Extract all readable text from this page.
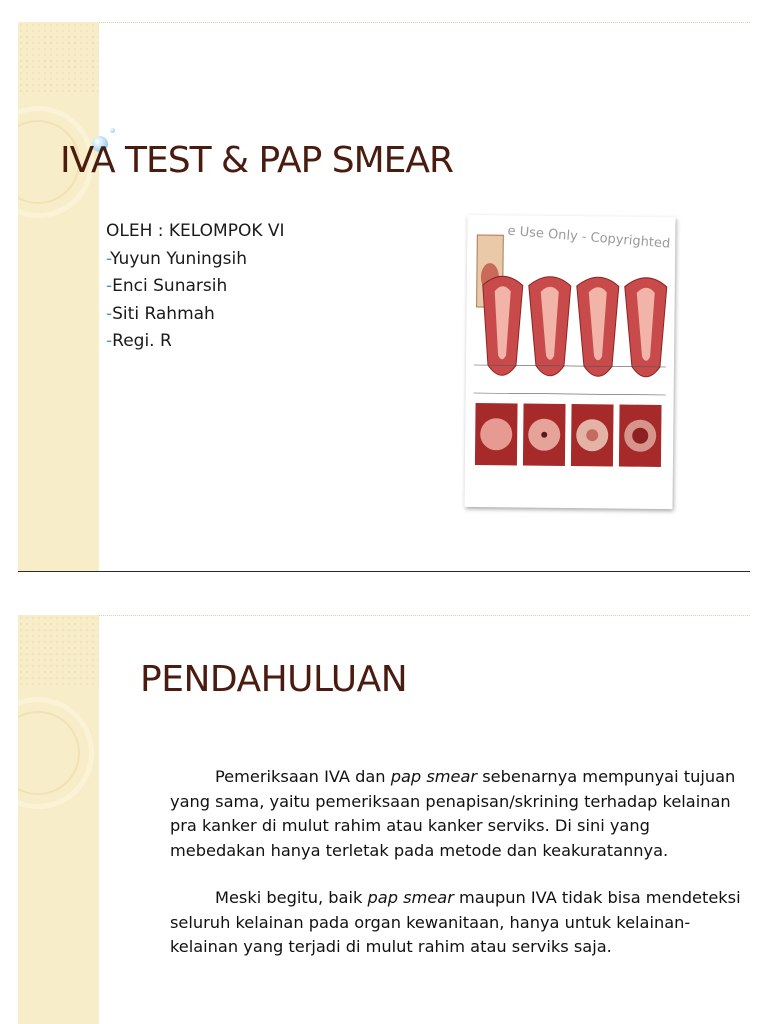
IVA TEST & PAP SMEAR
OLEH : KELOMPOK VI
-Yuyun Yuningsih
-Enci Sunarsih
-Siti Rahmah
-Regi. R
e Use Only - Copyrighted
PENDAHULUAN

Pemeriksaan IVA dan pap smear sebenarnya mempunyai tujuan yang sama, yaitu pemeriksaan penapisan/skrining terhadap kelainan pra kanker di mulut rahim atau kanker serviks. Di sini yang mebedakan hanya terletak pada metode dan keakuratannya.

Meski begitu, baik pap smear maupun IVA tidak bisa mendeteksi seluruh kelainan pada organ kewanitaan, hanya untuk kelainan-kelainan yang terjadi di mulut rahim atau serviks saja.
